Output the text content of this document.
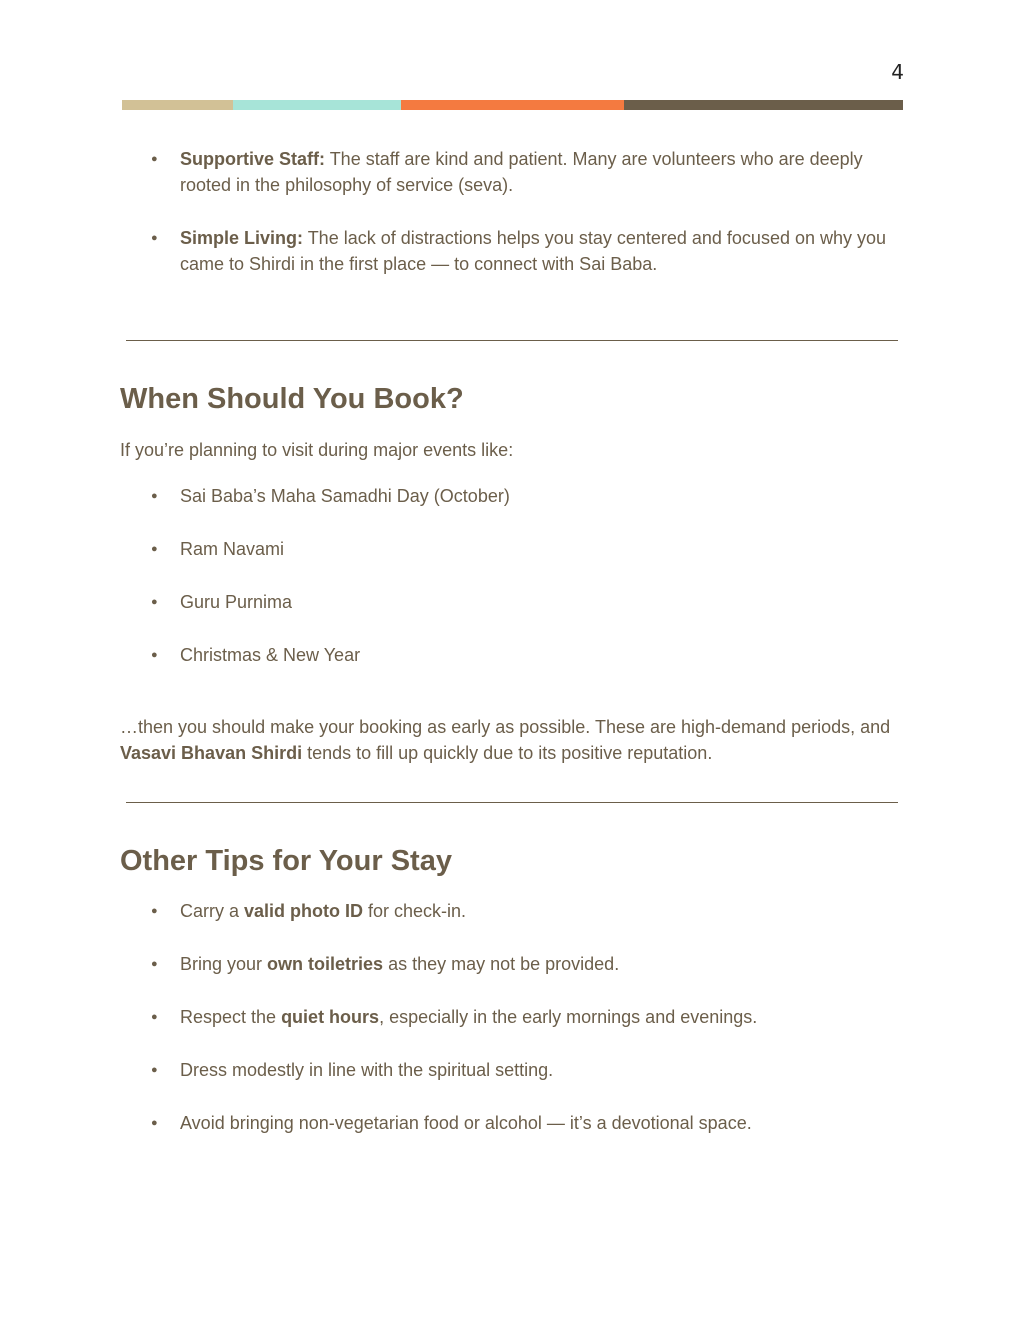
4
● Supportive Staff: The staff are kind and patient. Many are volunteers who are deeply rooted in the philosophy of service (seva).
● Simple Living: The lack of distractions helps you stay centered and focused on why you came to Shirdi in the first place — to connect with Sai Baba.
When Should You Book?

If you’re planning to visit during major events like:

● Sai Baba’s Maha Samadhi Day (October)
● Ram Navami
● Guru Purnima
● Christmas & New Year

…then you should make your booking as early as possible. These are high-demand periods, and Vasavi Bhavan Shirdi tends to fill up quickly due to its positive reputation.

Other Tips for Your Stay
● Carry a valid photo ID for check-in.
● Bring your own toiletries as they may not be provided.
● Respect the quiet hours, especially in the early mornings and evenings.
● Dress modestly in line with the spiritual setting.
● Avoid bringing non-vegetarian food or alcohol — it’s a devotional space.
